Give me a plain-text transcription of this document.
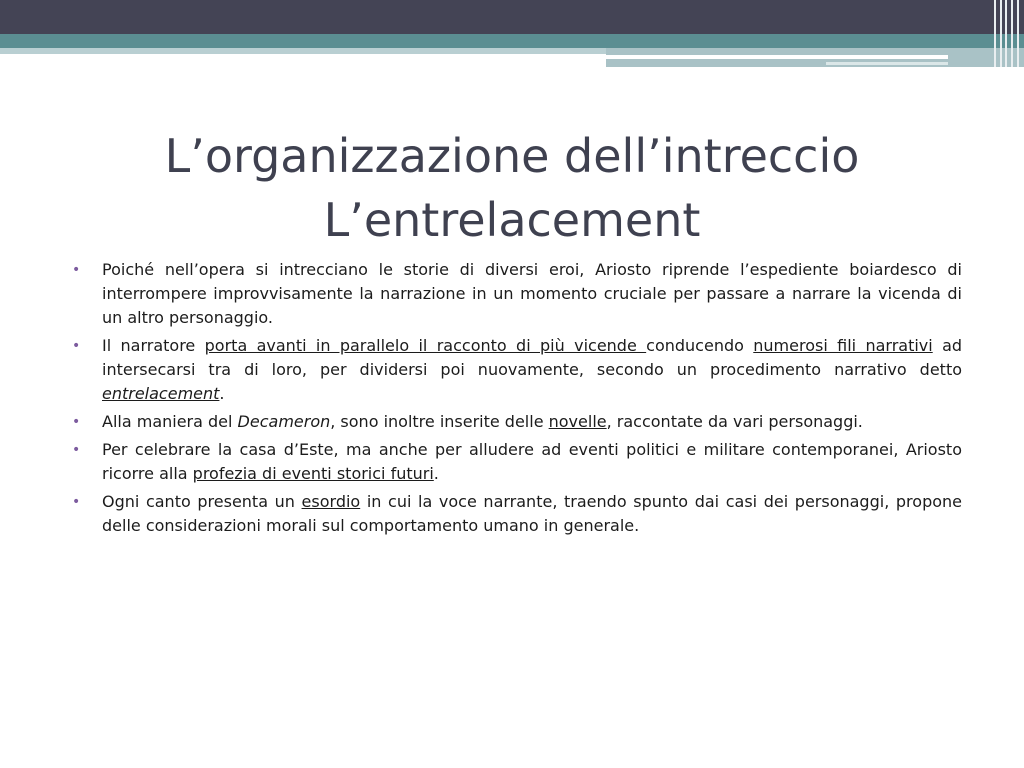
L’organizzazione dell’intreccio
L’entrelacement
• Poiché nell’opera si intrecciano le storie di diversi eroi, Ariosto riprende l’espediente boiardesco di interrompere improvvisamente la narrazione in un momento cruciale per passare a narrare la vicenda di un altro personaggio.
• Il narratore porta avanti in parallelo il racconto di più vicende conducendo numerosi fili narrativi ad intersecarsi tra di loro, per dividersi poi nuovamente, secondo un procedimento narrativo detto entrelacement.
• Alla maniera del Decameron, sono inoltre inserite delle novelle, raccontate da vari personaggi.
• Per celebrare la casa d’Este, ma anche per alludere ad eventi politici e militare contemporanei, Ariosto ricorre alla profezia di eventi storici futuri.
• Ogni canto presenta un esordio in cui la voce narrante, traendo spunto dai casi dei personaggi, propone delle considerazioni morali sul comportamento umano in generale.
